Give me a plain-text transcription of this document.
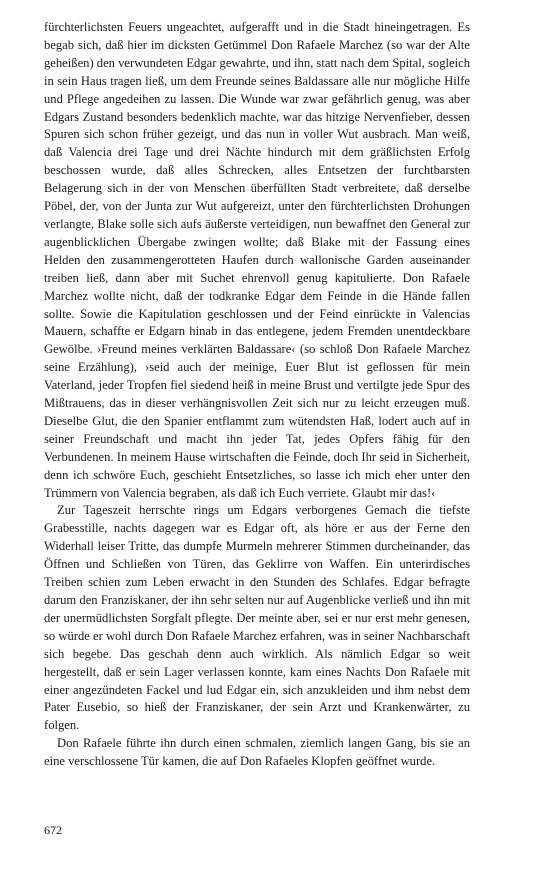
fürchterlichsten Feuers ungeachtet, aufgerafft und in die Stadt hineingetragen. Es begab sich, daß hier im dicksten Getümmel Don Rafaele Marchez (so war der Alte geheißen) den verwundeten Edgar gewahrte, und ihn, statt nach dem Spital, sogleich in sein Haus tragen ließ, um dem Freunde seines Baldassare alle nur mögliche Hilfe und Pflege angedeihen zu lassen. Die Wunde war zwar gefährlich genug, was aber Edgars Zustand besonders bedenklich machte, war das hitzige Nervenfieber, dessen Spuren sich schon früher gezeigt, und das nun in voller Wut ausbrach. Man weiß, daß Valencia drei Tage und drei Nächte hindurch mit dem gräßlichsten Erfolg beschossen wurde, daß alles Schrecken, alles Entsetzen der furchtbarsten Belagerung sich in der von Menschen überfüllten Stadt verbreitete, daß derselbe Pöbel, der, von der Junta zur Wut aufgereizt, unter den fürchterlichsten Drohungen verlangte, Blake solle sich aufs äußerste verteidigen, nun bewaffnet den General zur augenblicklichen Übergabe zwingen wollte; daß Blake mit der Fassung eines Helden den zusammengerotteten Haufen durch wallonische Garden auseinander treiben ließ, dann aber mit Suchet ehrenvoll genug kapitulierte. Don Rafaele Marchez wollte nicht, daß der todkranke Edgar dem Feinde in die Hände fallen sollte. Sowie die Kapitulation geschlossen und der Feind einrückte in Valencias Mauern, schaffte er Edgarn hinab in das entlegene, jedem Fremden unentdeckbare Gewölbe. ›Freund meines verklärten Baldassare‹ (so schloß Don Rafaele Marchez seine Erzählung), ›seid auch der meinige, Euer Blut ist geflossen für mein Vaterland, jeder Tropfen fiel siedend heiß in meine Brust und vertilgte jede Spur des Mißtrauens, das in dieser verhängnisvollen Zeit sich nur zu leicht erzeugen muß. Dieselbe Glut, die den Spanier entflammt zum wütendsten Haß, lodert auch auf in seiner Freundschaft und macht ihn jeder Tat, jedes Opfers fähig für den Verbundenen. In meinem Hause wirtschaften die Feinde, doch Ihr seid in Sicherheit, denn ich schwöre Euch, geschieht Entsetzliches, so lasse ich mich eher unter den Trümmern von Valencia begraben, als daß ich Euch verriete. Glaubt mir das!‹

Zur Tageszeit herrschte rings um Edgars verborgenes Gemach die tiefste Grabesstille, nachts dagegen war es Edgar oft, als höre er aus der Ferne den Widerhall leiser Tritte, das dumpfe Murmeln mehrerer Stimmen durcheinander, das Öffnen und Schließen von Türen, das Geklirre von Waffen. Ein unterirdisches Treiben schien zum Leben erwacht in den Stunden des Schlafes. Edgar befragte darum den Franziskaner, der ihn sehr selten nur auf Augenblicke verließ und ihn mit der unermüdlichsten Sorgfalt pflegte. Der meinte aber, sei er nur erst mehr genesen, so würde er wohl durch Don Rafaele Marchez erfahren, was in seiner Nachbarschaft sich begebe. Das geschah denn auch wirklich. Als nämlich Edgar so weit hergestellt, daß er sein Lager verlassen konnte, kam eines Nachts Don Rafaele mit einer angezündeten Fackel und lud Edgar ein, sich anzukleiden und ihm nebst dem Pater Eusebio, so hieß der Franziskaner, der sein Arzt und Krankenwärter, zu folgen.

Don Rafaele führte ihn durch einen schmalen, ziemlich langen Gang, bis sie an eine verschlossene Tür kamen, die auf Don Rafaeles Klopfen geöffnet wurde.

672
